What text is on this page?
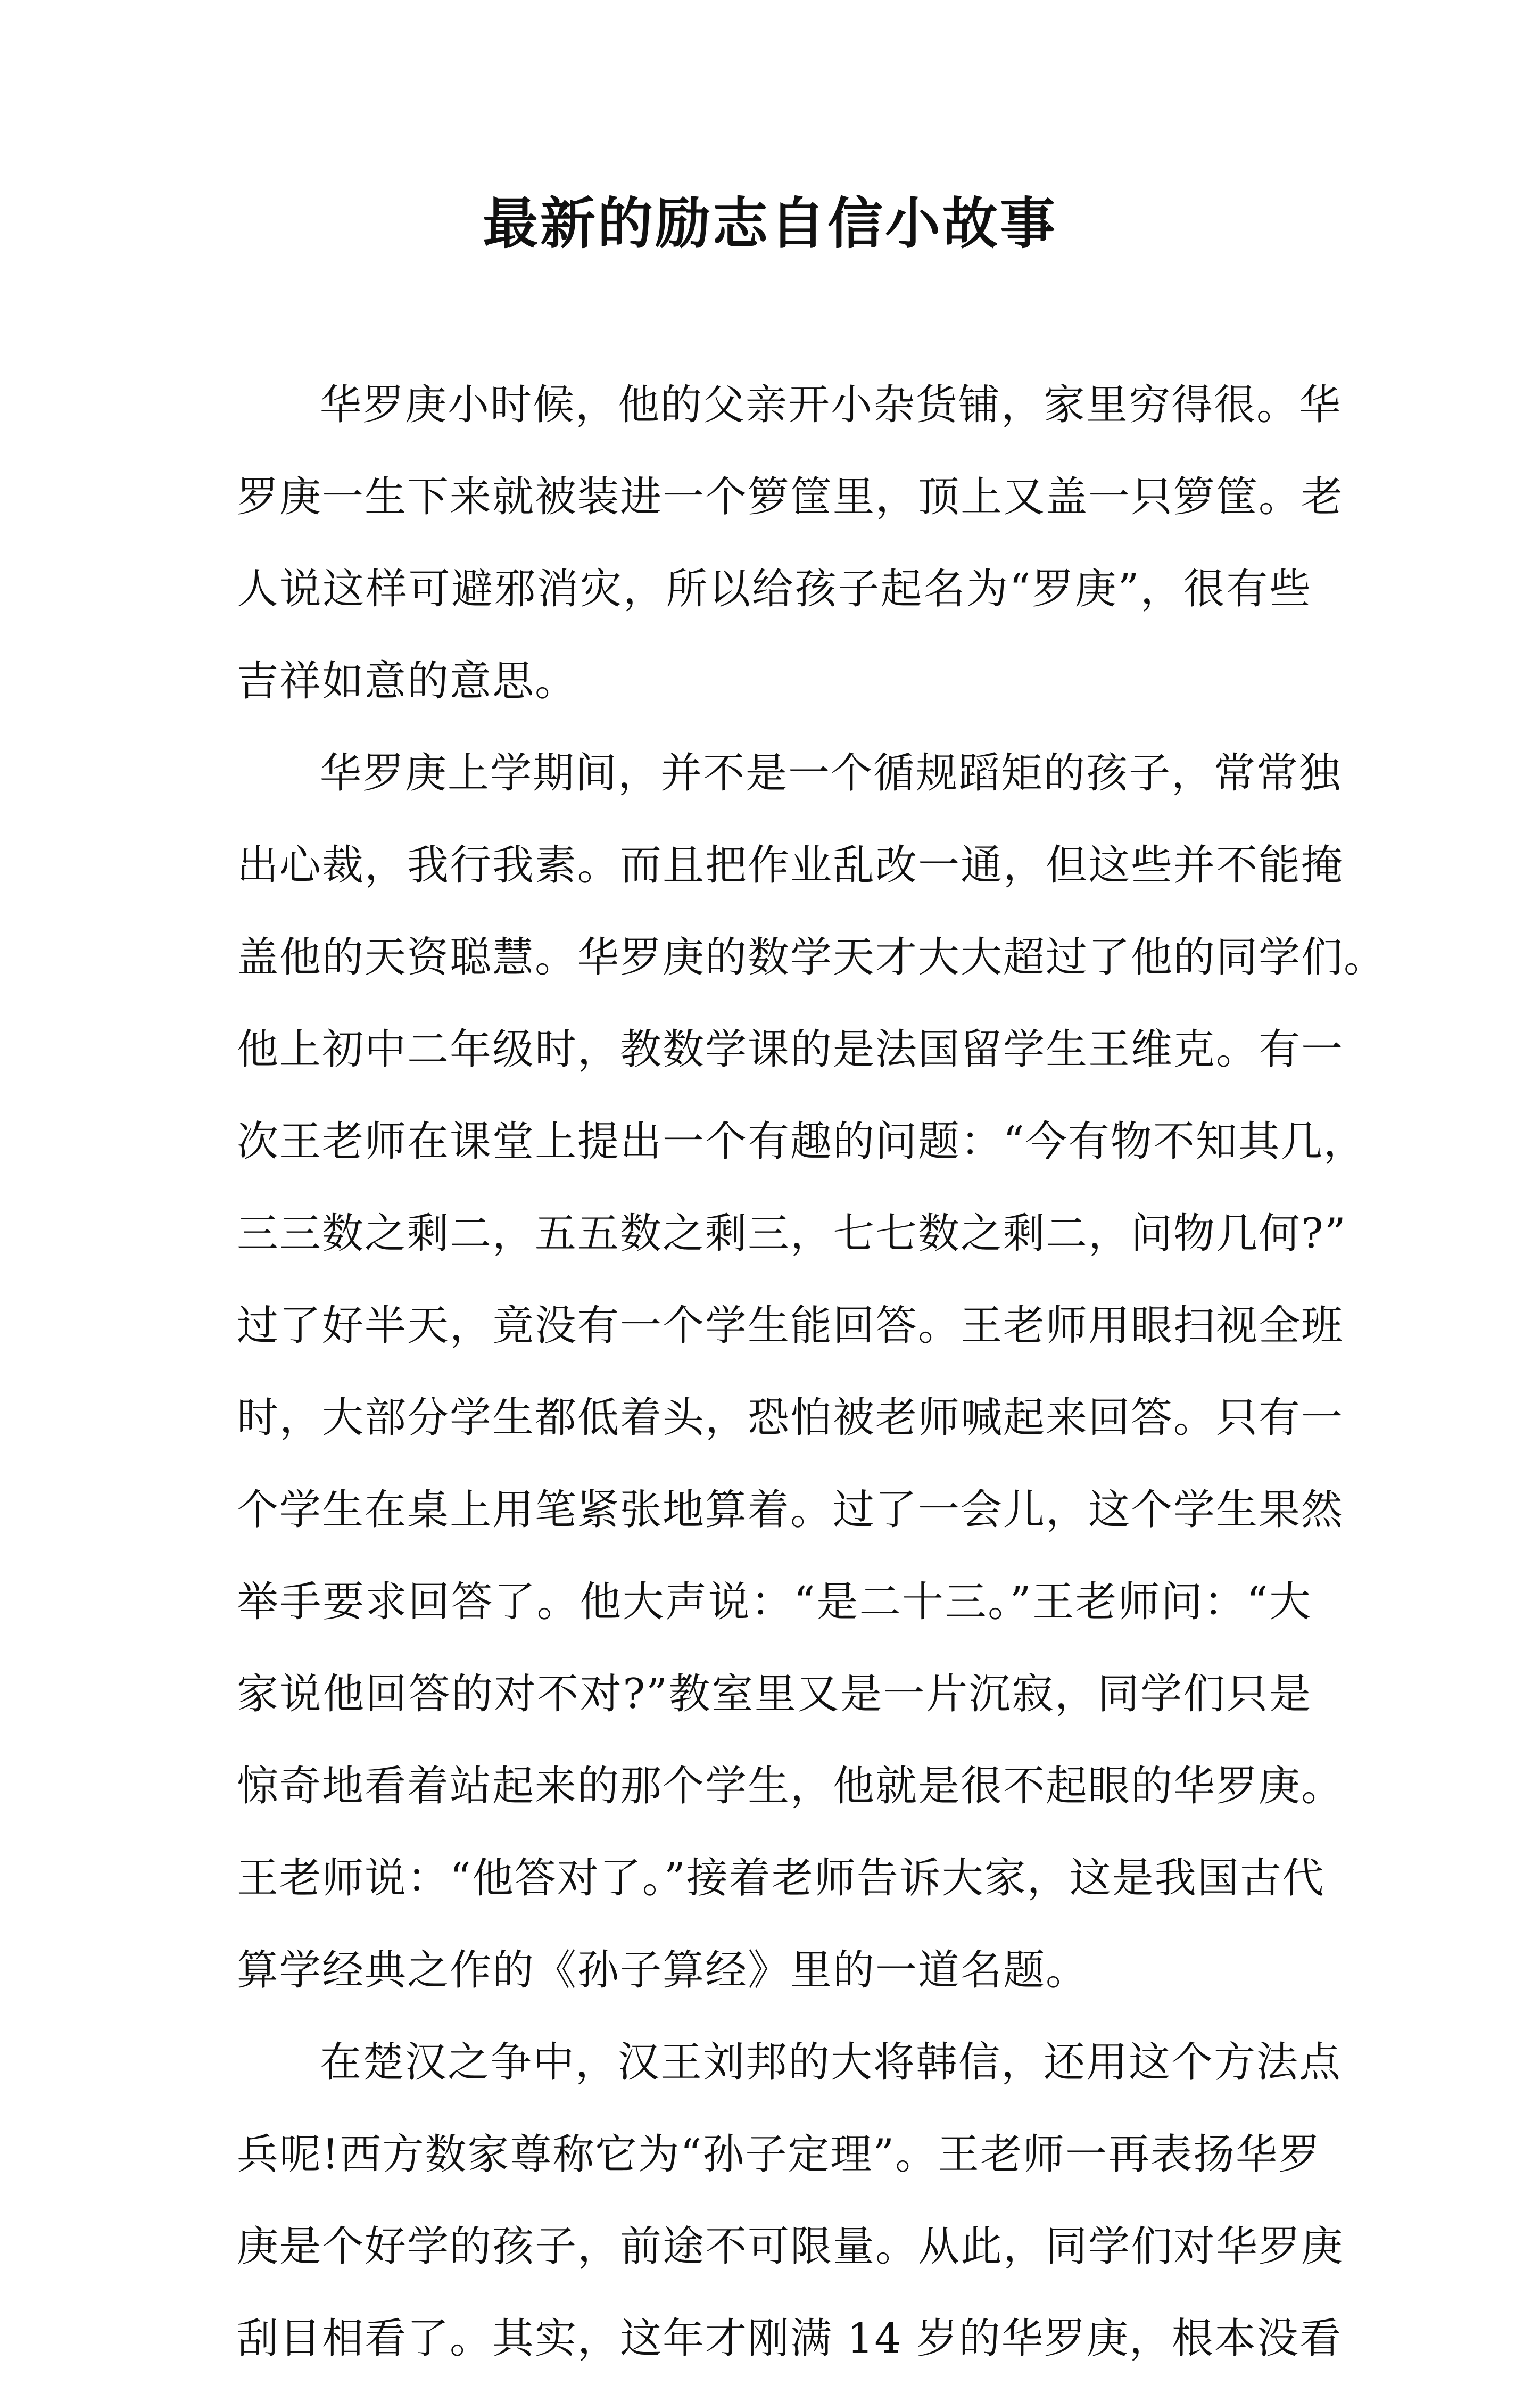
最新的励志自信小故事
华罗庚小时候，他的父亲开小杂货铺，家里穷得很。华
罗庚一生下来就被装进一个箩筐里，顶上又盖一只箩筐。老
人说这样可避邪消灾，所以给孩子起名为“罗庚”，很有些
吉祥如意的意思。
华罗庚上学期间，并不是一个循规蹈矩的孩子，常常独
出心裁，我行我素。而且把作业乱改一通，但这些并不能掩
盖他的天资聪慧。华罗庚的数学天才大大超过了他的同学们。
他上初中二年级时，教数学课的是法国留学生王维克。有一
次王老师在课堂上提出一个有趣的问题：“今有物不知其几，
三三数之剩二，五五数之剩三，七七数之剩二，问物几何?”
过了好半天，竟没有一个学生能回答。王老师用眼扫视全班
时，大部分学生都低着头，恐怕被老师喊起来回答。只有一
个学生在桌上用笔紧张地算着。过了一会儿，这个学生果然
举手要求回答了。他大声说：“是二十三。”王老师问：“大
家说他回答的对不对?”教室里又是一片沉寂，同学们只是
惊奇地看着站起来的那个学生，他就是很不起眼的华罗庚。
王老师说：“他答对了。”接着老师告诉大家，这是我国古代
算学经典之作的《孙子算经》里的一道名题。
在楚汉之争中，汉王刘邦的大将韩信，还用这个方法点
兵呢!西方数家尊称它为“孙子定理”。王老师一再表扬华罗
庚是个好学的孩子，前途不可限量。从此，同学们对华罗庚
刮目相看了。其实，这年才刚满 14 岁的华罗庚，根本没看
